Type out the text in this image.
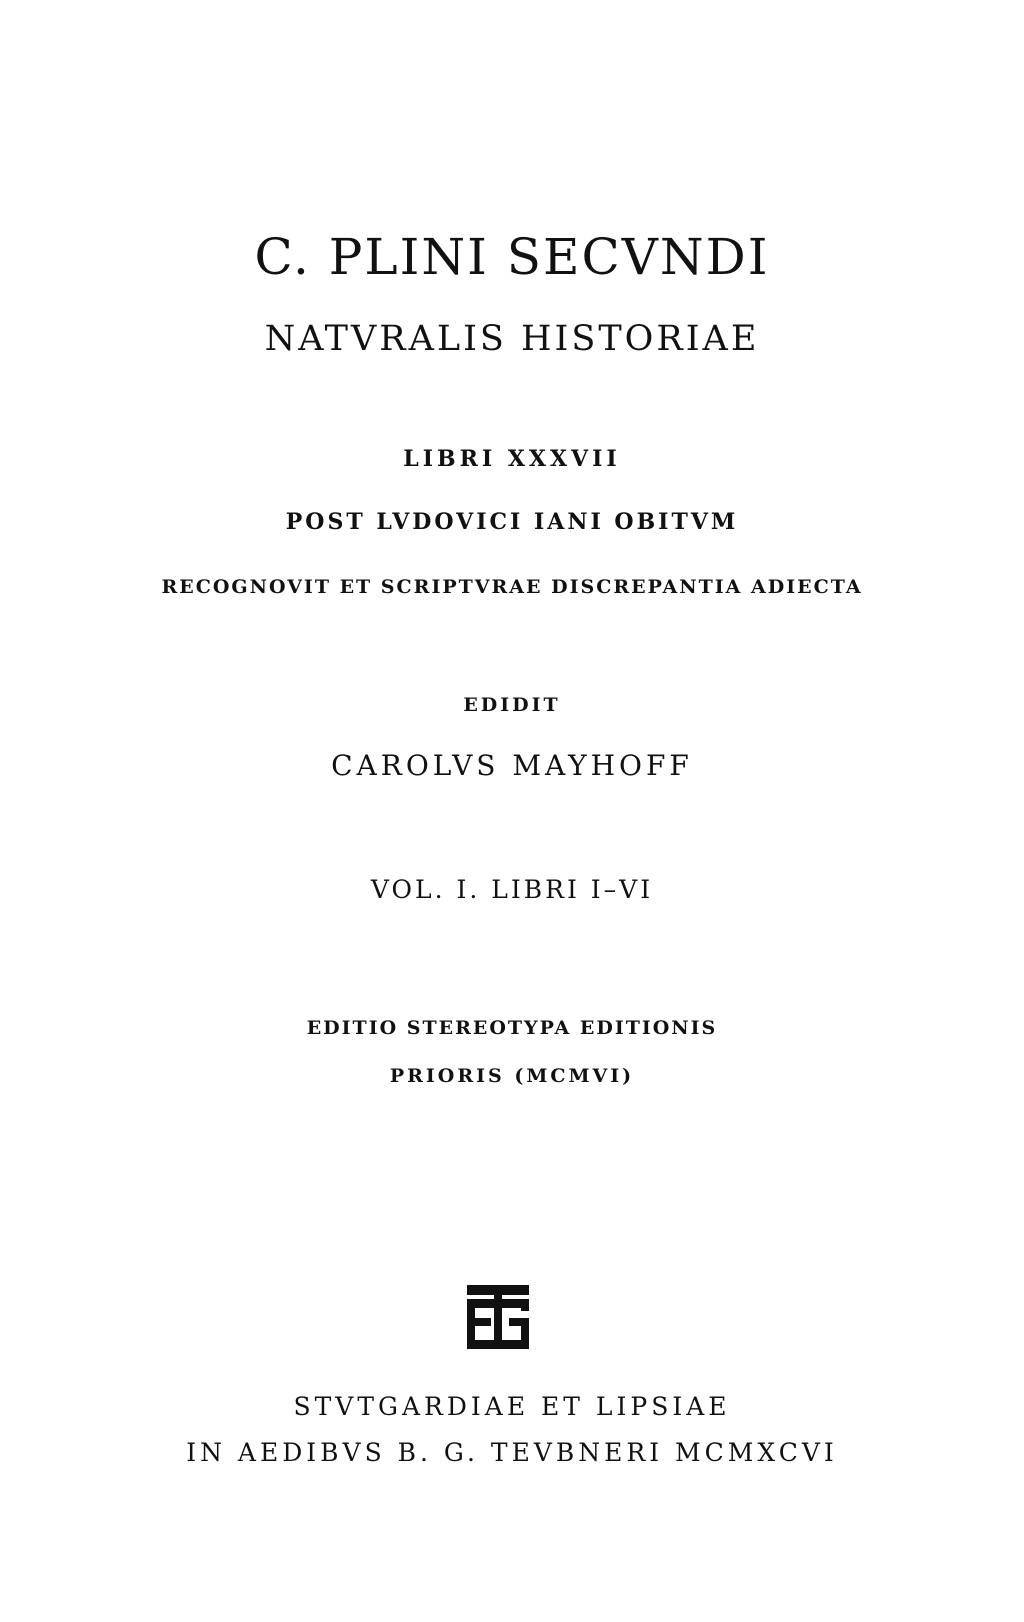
C. PLINI SECVNDI
NATVRALIS HISTORIAE
LIBRI XXXVII
POST LVDOVICI IANI OBITVM
RECOGNOVIT ET SCRIPTVRAE DISCREPANTIA ADIECTA
EDIDIT
CAROLVS MAYHOFF
VOL. I. LIBRI I–VI
EDITIO STEREOTYPA EDITIONIS
PRIORIS (MCMVI)
STVTGARDIAE ET LIPSIAE
IN AEDIBVS B. G. TEVBNERI MCMXCVI
